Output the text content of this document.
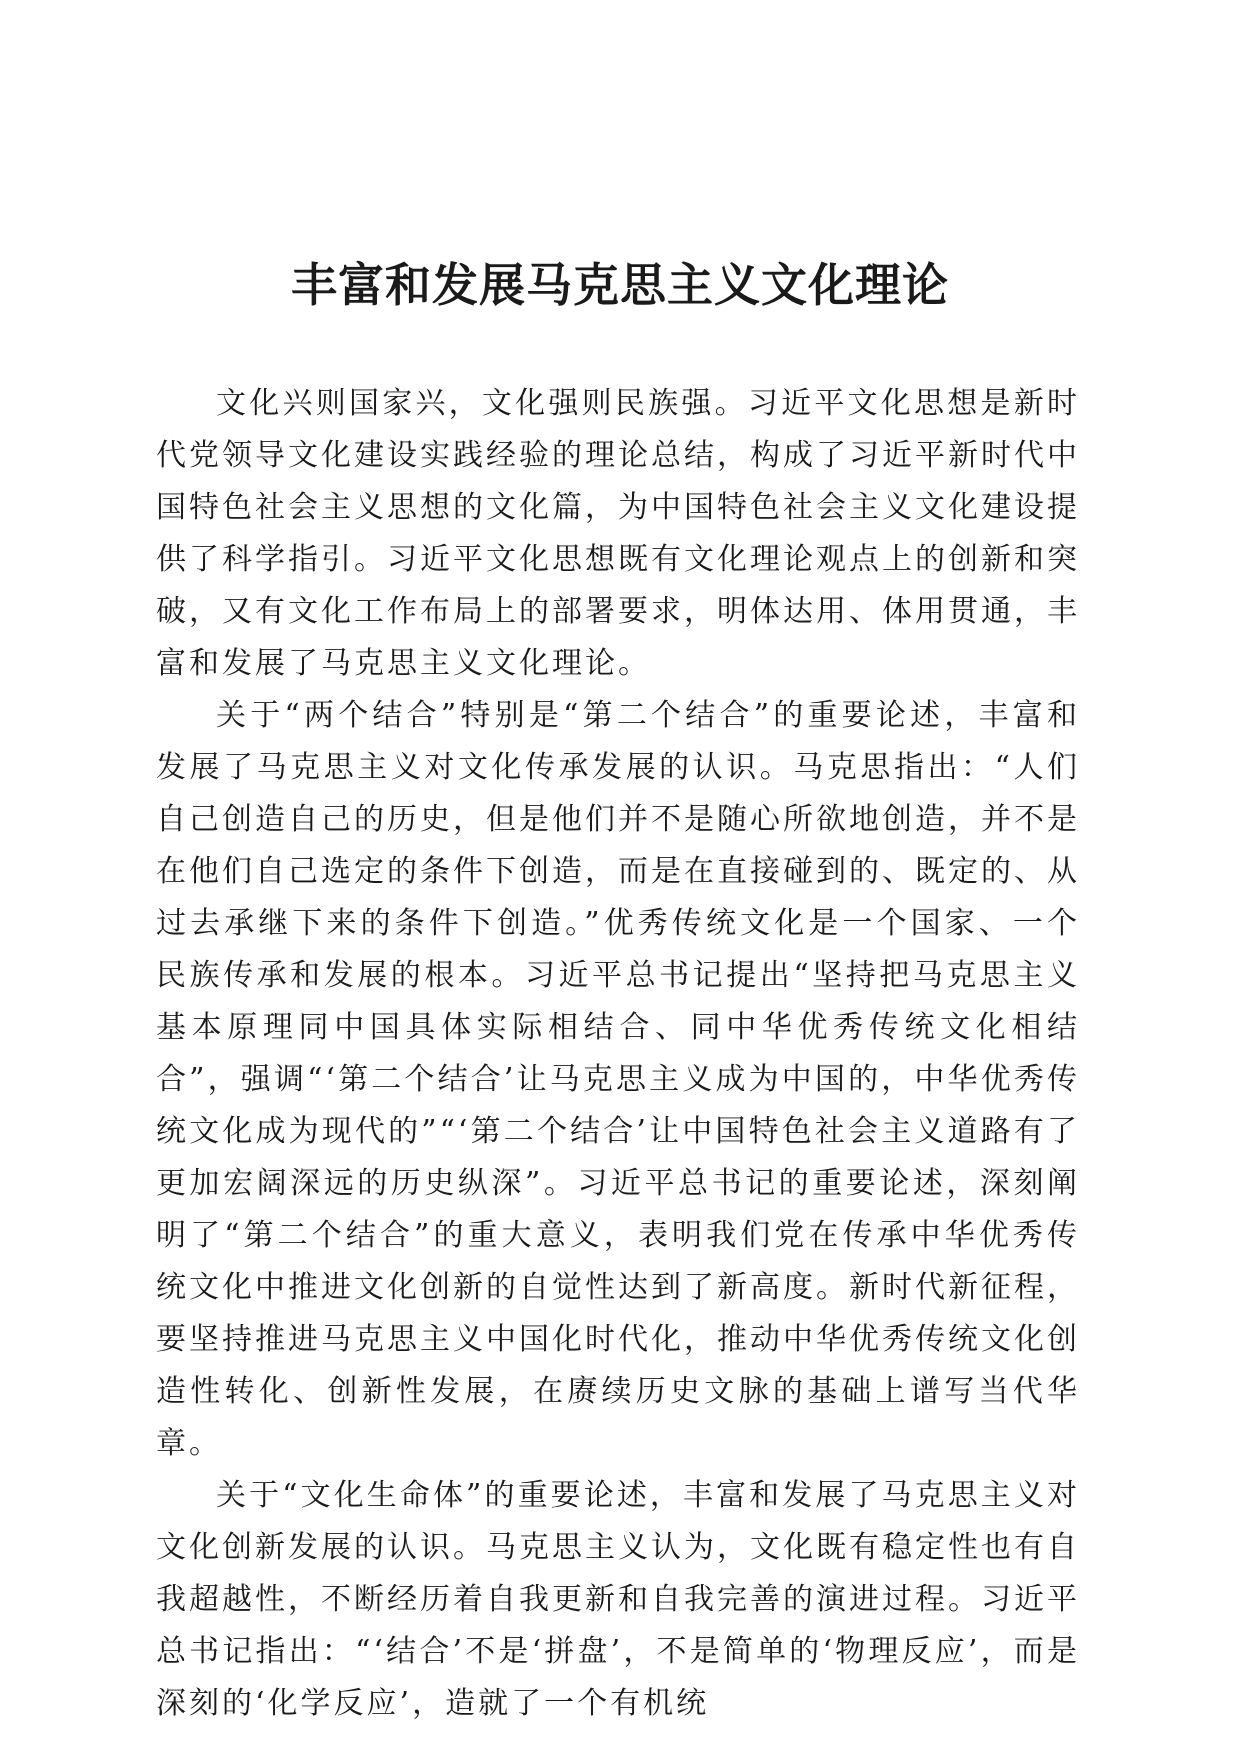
丰富和发展马克思主义文化理论

文化兴则国家兴，文化强则民族强。习近平文化思想是新时代党领导文化建设实践经验的理论总结，构成了习近平新时代中国特色社会主义思想的文化篇，为中国特色社会主义文化建设提供了科学指引。习近平文化思想既有文化理论观点上的创新和突破，又有文化工作布局上的部署要求，明体达用、体用贯通，丰富和发展了马克思主义文化理论。

关于“两个结合”特别是“第二个结合”的重要论述，丰富和发展了马克思主义对文化传承发展的认识。马克思指出：“人们自己创造自己的历史，但是他们并不是随心所欲地创造，并不是在他们自己选定的条件下创造，而是在直接碰到的、既定的、从过去承继下来的条件下创造。”优秀传统文化是一个国家、一个民族传承和发展的根本。习近平总书记提出“坚持把马克思主义基本原理同中国具体实际相结合、同中华优秀传统文化相结合”，强调“‘第二个结合’让马克思主义成为中国的，中华优秀传统文化成为现代的”“‘第二个结合’让中国特色社会主义道路有了更加宏阔深远的历史纵深”。习近平总书记的重要论述，深刻阐明了“第二个结合”的重大意义，表明我们党在传承中华优秀传统文化中推进文化创新的自觉性达到了新高度。新时代新征程，要坚持推进马克思主义中国化时代化，推动中华优秀传统文化创造性转化、创新性发展，在赓续历史文脉的基础上谱写当代华章。

关于“文化生命体”的重要论述，丰富和发展了马克思主义对文化创新发展的认识。马克思主义认为，文化既有稳定性也有自我超越性，不断经历着自我更新和自我完善的演进过程。习近平总书记指出：“‘结合’不是‘拼盘’，不是简单的‘物理反应’，而是深刻的‘化学反应’，造就了一个有机统
